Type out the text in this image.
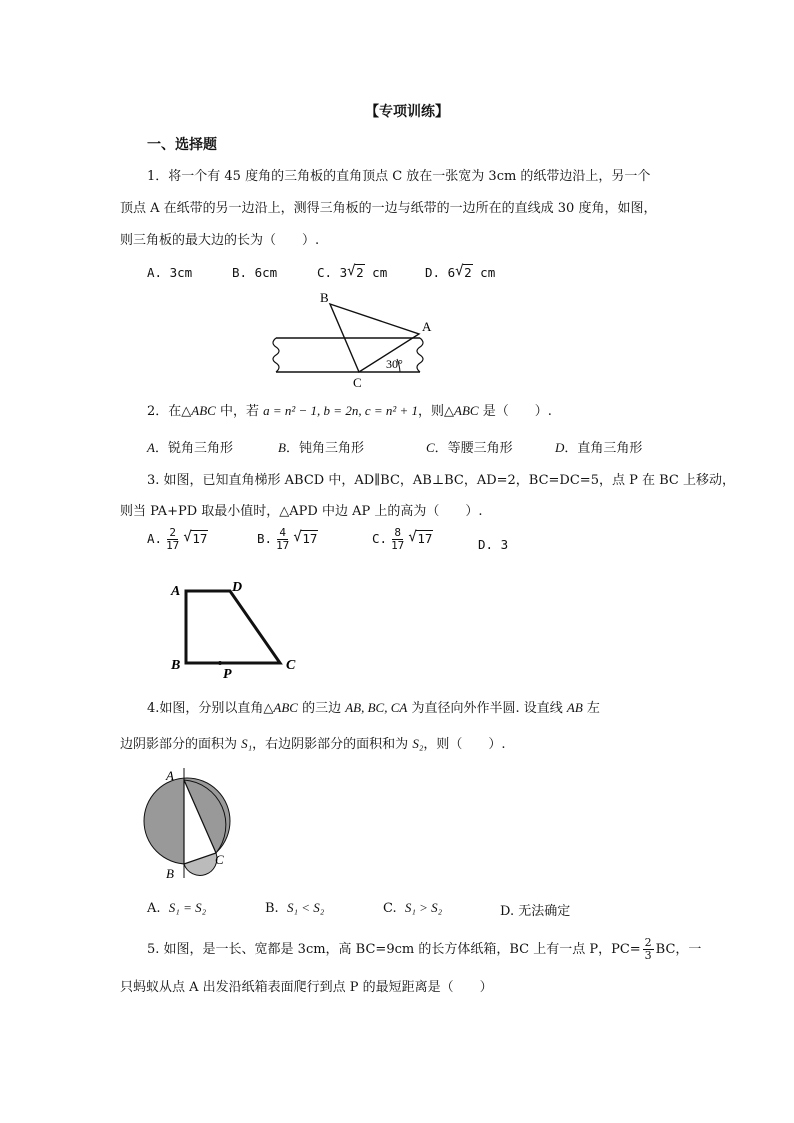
【专项训练】
一、选择题
1．将一个有 45 度角的三角板的直角顶点 C 放在一张宽为 3cm 的纸带边沿上，另一个
顶点 A 在纸带的另一边沿上，测得三角板的一边与纸带的一边所在的直线成 30 度角，如图，
则三角板的最大边的长为（　　）.
A. 3cm	B. 6cm	C. 3 √ 2 cm	D. 6 √ 2 cm
B
A
C
30°
2．在△ABC 中，若 a = n² − 1, b = 2n, c = n² + 1，则△ABC 是（　　）.
A．锐角三角形	B．钝角三角形	C．等腰三角形	D．直角三角形
3. 如图，已知直角梯形 ABCD 中，AD∥BC，AB⊥BC，AD=2，BC=DC=5，点 P 在 BC 上移动，
则当 PA+PD 取最小值时，△APD 中边 AP 上的高为（　　）.
A. $\frac{2}{17}$ √ 17	B. $\frac{4}{17}$ √ 17	C. $\frac{8}{17}$ √ 17	D. 3
A	D
B
P
C
4.如图，分别以直角△ABC 的三边 AB, BC, CA 为直径向外作半圆. 设直线 AB 左
边阴影部分的面积为 S₁，右边阴影部分的面积和为 S₂，则（　　）.
A
B
C
A. S₁ = S₂	B. S₁ < S₂	C. S₁ > S₂	D. 无法确定
5. 如图，是一长、宽都是 3cm，高 BC=9cm 的长方体纸箱，BC 上有一点 P，$PC= \frac{2}{3}$ BC，一
只蚂蚁从点 A 出发沿纸箱表面爬行到点 P 的最短距离是（　　）
